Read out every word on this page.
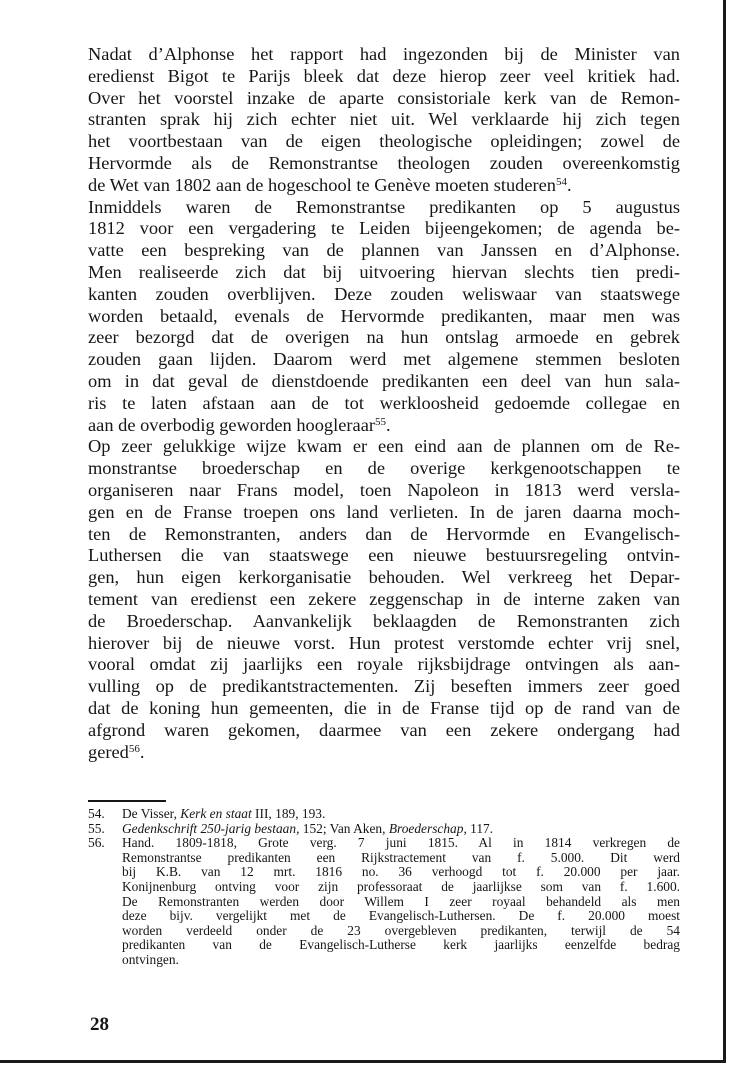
Nadat d’Alphonse het rapport had ingezonden bij de Minister van
eredienst Bigot te Parijs bleek dat deze hierop zeer veel kritiek had.
Over het voorstel inzake de aparte consistoriale kerk van de Remon-
stranten sprak hij zich echter niet uit. Wel verklaarde hij zich tegen
het voortbestaan van de eigen theologische opleidingen; zowel de
Hervormde als de Remonstrantse theologen zouden overeenkomstig
de Wet van 1802 aan de hogeschool te Genève moeten studeren$^{54}$.
Inmiddels waren de Remonstrantse predikanten op 5 augustus
1812 voor een vergadering te Leiden bijeengekomen; de agenda be-
vatte een bespreking van de plannen van Janssen en d’Alphonse.
Men realiseerde zich dat bij uitvoering hiervan slechts tien predi-
kanten zouden overblijven. Deze zouden weliswaar van staatswege
worden betaald, evenals de Hervormde predikanten, maar men was
zeer bezorgd dat de overigen na hun ontslag armoede en gebrek
zouden gaan lijden. Daarom werd met algemene stemmen besloten
om in dat geval de dienstdoende predikanten een deel van hun sala-
ris te laten afstaan aan de tot werkloosheid gedoemde collegae en
aan de overbodig geworden hoogleraar$^{55}$.
Op zeer gelukkige wijze kwam er een eind aan de plannen om de Re-
monstrantse broederschap en de overige kerkgenootschappen te
organiseren naar Frans model, toen Napoleon in 1813 werd versla-
gen en de Franse troepen ons land verlieten. In de jaren daarna moch-
ten de Remonstranten, anders dan de Hervormde en Evangelisch-
Luthersen die van staatswege een nieuwe bestuursregeling ontvin-
gen, hun eigen kerkorganisatie behouden. Wel verkreeg het Depar-
tement van eredienst een zekere zeggenschap in de interne zaken van
de Broederschap. Aanvankelijk beklaagden de Remonstranten zich
hierover bij de nieuwe vorst. Hun protest verstomde echter vrij snel,
vooral omdat zij jaarlijks een royale rijksbijdrage ontvingen als aan-
vulling op de predikantstractementen. Zij beseften immers zeer goed
dat de koning hun gemeenten, die in de Franse tijd op de rand van de
afgrond waren gekomen, daarmee van een zekere ondergang had
gered$^{56}$.
54. De Visser, Kerk en staat III, 189, 193.
55. Gedenkschrift 250-jarig bestaan, 152; Van Aken, Broederschap, 117.
56. Hand. 1809-1818, Grote verg. 7 juni 1815. Al in 1814 verkregen de
Remonstrantse predikanten een Rijkstractement van f. 5.000. Dit werd
bij K.B. van 12 mrt. 1816 no. 36 verhoogd tot f. 20.000 per jaar.
Konijnenburg ontving voor zijn professoraat de jaarlijkse som van f. 1.600.
De Remonstranten werden door Willem I zeer royaal behandeld als men
deze bijv. vergelijkt met de Evangelisch-Luthersen. De f. 20.000 moest
worden verdeeld onder de 23 overgebleven predikanten, terwijl de 54
predikanten van de Evangelisch-Lutherse kerk jaarlijks eenzelfde bedrag
ontvingen.
28
